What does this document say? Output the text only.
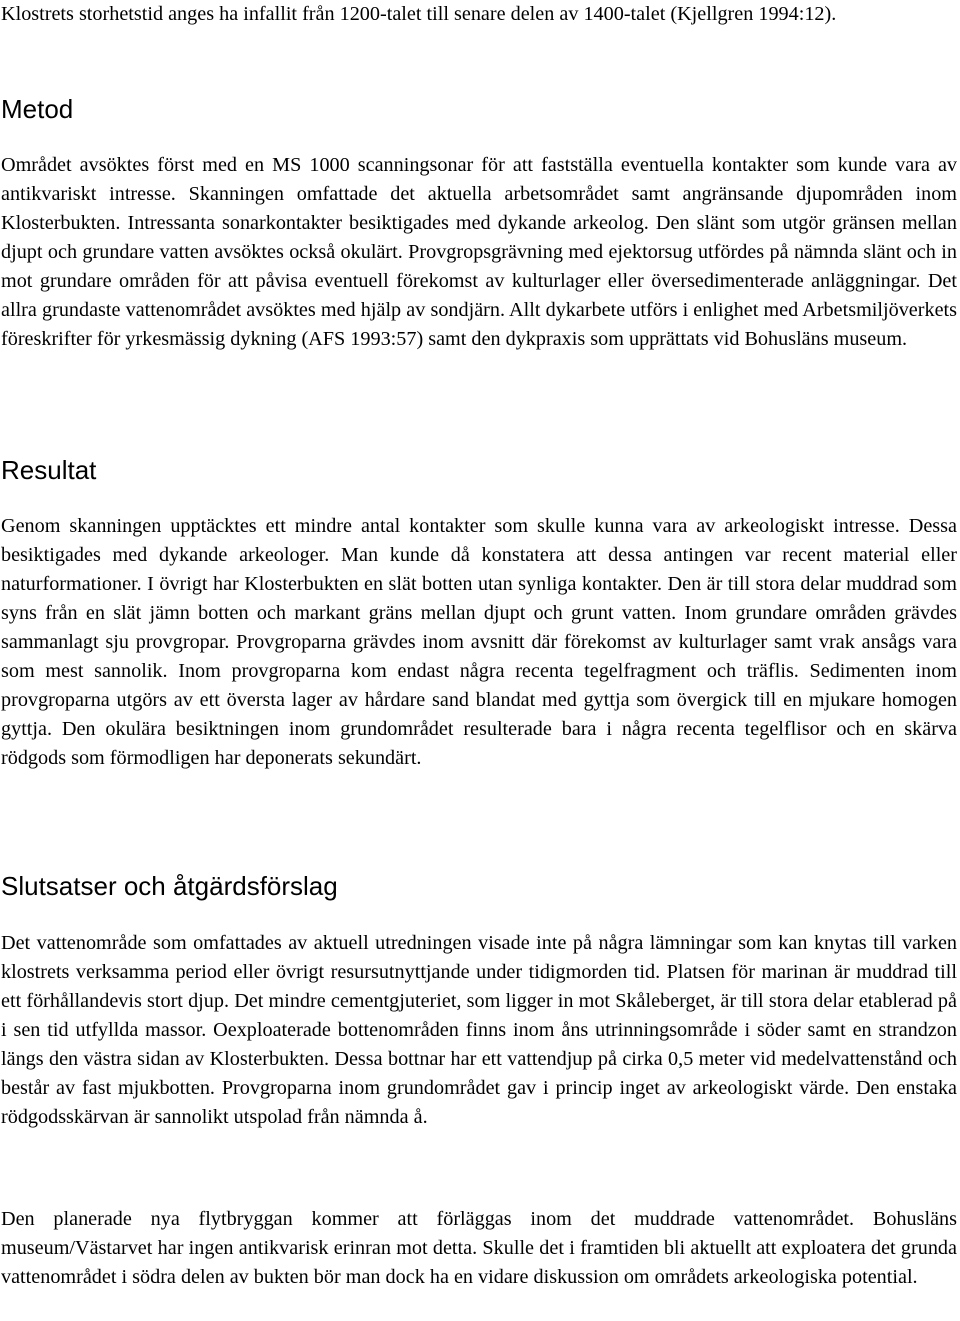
Klostrets storhetstid anges ha infallit från 1200-talet till senare delen av 1400-talet (Kjellgren 1994:12).

Metod

Området avsöktes först med en MS 1000 scanningsonar för att fastställa eventuella kontakter som kunde vara av antikvariskt intresse. Skanningen omfattade det aktuella arbetsområdet samt angränsande djupområden inom Klosterbukten. Intressanta sonarkontakter besiktigades med dykande arkeolog. Den slänt som utgör gränsen mellan djupt och grundare vatten avsöktes också okulärt. Provgropsgrävning med ejektorsug utfördes på nämnda slänt och in mot grundare områden för att påvisa eventuell förekomst av kulturlager eller översedimenterade anläggningar. Det allra grundaste vattenområdet avsöktes med hjälp av sondjärn. Allt dykarbete utförs i enlighet med Arbetsmiljöverkets föreskrifter för yrkesmässig dykning (AFS 1993:57) samt den dykpraxis som upprättats vid Bohusläns museum.

Resultat

Genom skanningen upptäcktes ett mindre antal kontakter som skulle kunna vara av arkeologiskt intresse. Dessa besiktigades med dykande arkeologer. Man kunde då konstatera att dessa antingen var recent material eller naturformationer. I övrigt har Klosterbukten en slät botten utan synliga kontakter. Den är till stora delar muddrad som syns från en slät jämn botten och markant gräns mellan djupt och grunt vatten. Inom grundare områden grävdes sammanlagt sju provgropar. Provgroparna grävdes inom avsnitt där förekomst av kulturlager samt vrak ansågs vara som mest sannolik. Inom provgroparna kom endast några recenta tegelfragment och träflis. Sedimenten inom provgroparna utgörs av ett översta lager av hårdare sand blandat med gyttja som övergick till en mjukare homogen gyttja. Den okulära besiktningen inom grundområdet resulterade bara i några recenta tegelflisor och en skärva rödgods som förmodligen har deponerats sekundärt.

Slutsatser och åtgärdsförslag

Det vattenområde som omfattades av aktuell utredningen visade inte på några lämningar som kan knytas till varken klostrets verksamma period eller övrigt resursutnyttjande under tidigmorden tid. Platsen för marinan är muddrad till ett förhållandevis stort djup. Det mindre cementgjuteriet, som ligger in mot Skåleberget, är till stora delar etablerad på i sen tid utfyllda massor. Oexploaterade bottenområden finns inom åns utrinningsområde i söder samt en strandzon längs den västra sidan av Klosterbukten. Dessa bottnar har ett vattendjup på cirka 0,5 meter vid medelvattenstånd och består av fast mjukbotten. Provgroparna inom grundområdet gav i princip inget av arkeologiskt värde. Den enstaka rödgodsskärvan är sannolikt utspolad från nämnda å.

Den planerade nya flytbryggan kommer att förläggas inom det muddrade vattenområdet. Bohusläns museum/Västarvet har ingen antikvarisk erinran mot detta. Skulle det i framtiden bli aktuellt att exploatera det grunda vattenområdet i södra delen av bukten bör man dock ha en vidare diskussion om områdets arkeologiska potential.
